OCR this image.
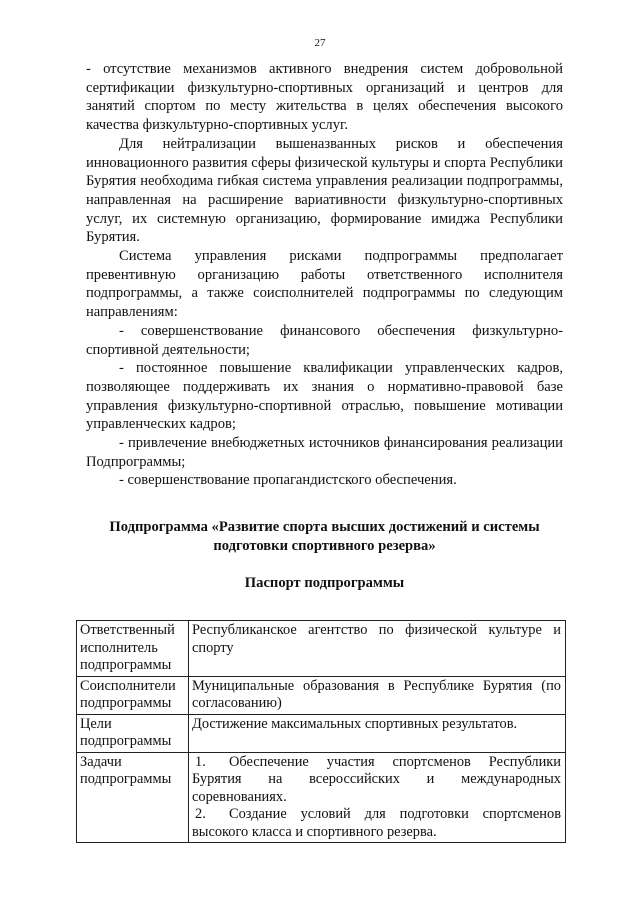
27

- отсутствие механизмов активного внедрения систем добровольной сертификации физкультурно-спортивных организаций и центров для занятий спортом по месту жительства в целях обеспечения высокого качества физкультурно-спортивных услуг.

Для нейтрализации вышеназванных рисков и обеспечения инновационного развития сферы физической культуры и спорта Республики Бурятия необходима гибкая система управления реализации подпрограммы, направленная на расширение вариативности физкультурно-спортивных услуг, их системную организацию, формирование имиджа Республики Бурятия.

Система управления рисками подпрограммы предполагает превентивную организацию работы ответственного исполнителя подпрограммы, а также соисполнителей подпрограммы по следующим направлениям:

- совершенствование финансового обеспечения физкультурно-спортивной деятельности;

- постоянное повышение квалификации управленческих кадров, позволяющее поддерживать их знания о нормативно-правовой базе управления физкультурно-спортивной отраслью, повышение мотивации управленческих кадров;

- привлечение внебюджетных источников финансирования реализации Подпрограммы;

- совершенствование пропагандистского обеспечения.

Подпрограмма «Развитие спорта высших достижений и системы подготовки спортивного резерва»
Паспорт подпрограммы
Ответственный исполнитель подпрограммы	Республиканское агентство по физической культуре и спорту
Соисполнители подпрограммы	Муниципальные образования в Республике Бурятия (по согласованию)
Цели подпрограммы	Достижение максимальных спортивных результатов.
Задачи подпрограммы	1. Обеспечение участия спортсменов Республики Бурятия на всероссийских и международных соревнованиях.

2. Создание условий для подготовки спортсменов высокого класса и спортивного резерва.
